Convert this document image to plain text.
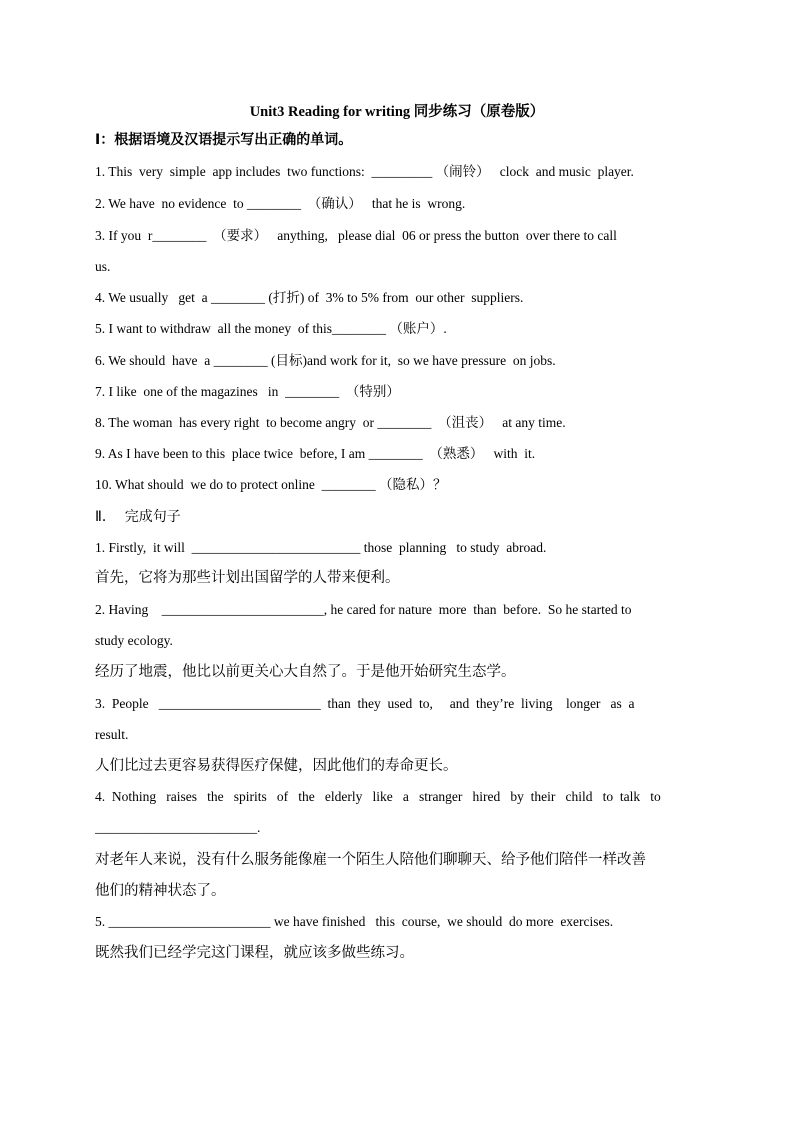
Unit3 Reading for writing 同步练习（原卷版）
I：根据语境及汉语提示写出正确的单词。
1. This  very  simple  app includes  two functions:  _________ （闹铃）   clock  and music  player.
2. We have  no evidence  to ________  （确认）   that he is  wrong.
3. If you  r________  （要求）   anything,   please dial  06 or press the button  over there to call
us.
4. We usually   get  a ________ (打折) of  3% to 5% from  our other  suppliers.
5. I want to withdraw  all the money  of this________ （账户）.
6. We should  have  a ________ (目标)and work for it,  so we have pressure  on jobs.
7. I like  one of the magazines   in  ________  （特别）
8. The woman  has every right  to become angry  or ________  （沮丧）   at any time.
9. As I have been to this  place twice  before, I am ________  （熟悉）   with  it.
10. What should  we do to protect online  ________ （隐私）？
Ⅱ．  完成句子
1. Firstly,  it will  _________________________ those  planning   to study  abroad.
首先，它将为那些计划出国留学的人带来便利。
2. Having    ________________________, he cared for nature  more  than  before.  So he started to
study ecology.
经历了地震，他比以前更关心大自然了。于是他开始研究生态学。
3.  People   ________________________  than  they  used  to,     and  they’re  living    longer   as  a
result.
人们比过去更容易获得医疗保健，因此他们的寿命更长。
4.  Nothing   raises   the   spirits   of   the   elderly   like   a   stranger   hired   by  their   child   to  talk   to
________________________.
对老年人来说，没有什么服务能像雇一个陌生人陪他们聊聊天、给予他们陪伴一样改善
他们的精神状态了。
5. ________________________ we have finished   this  course,  we should  do more  exercises.
既然我们已经学完这门课程，就应该多做些练习。
